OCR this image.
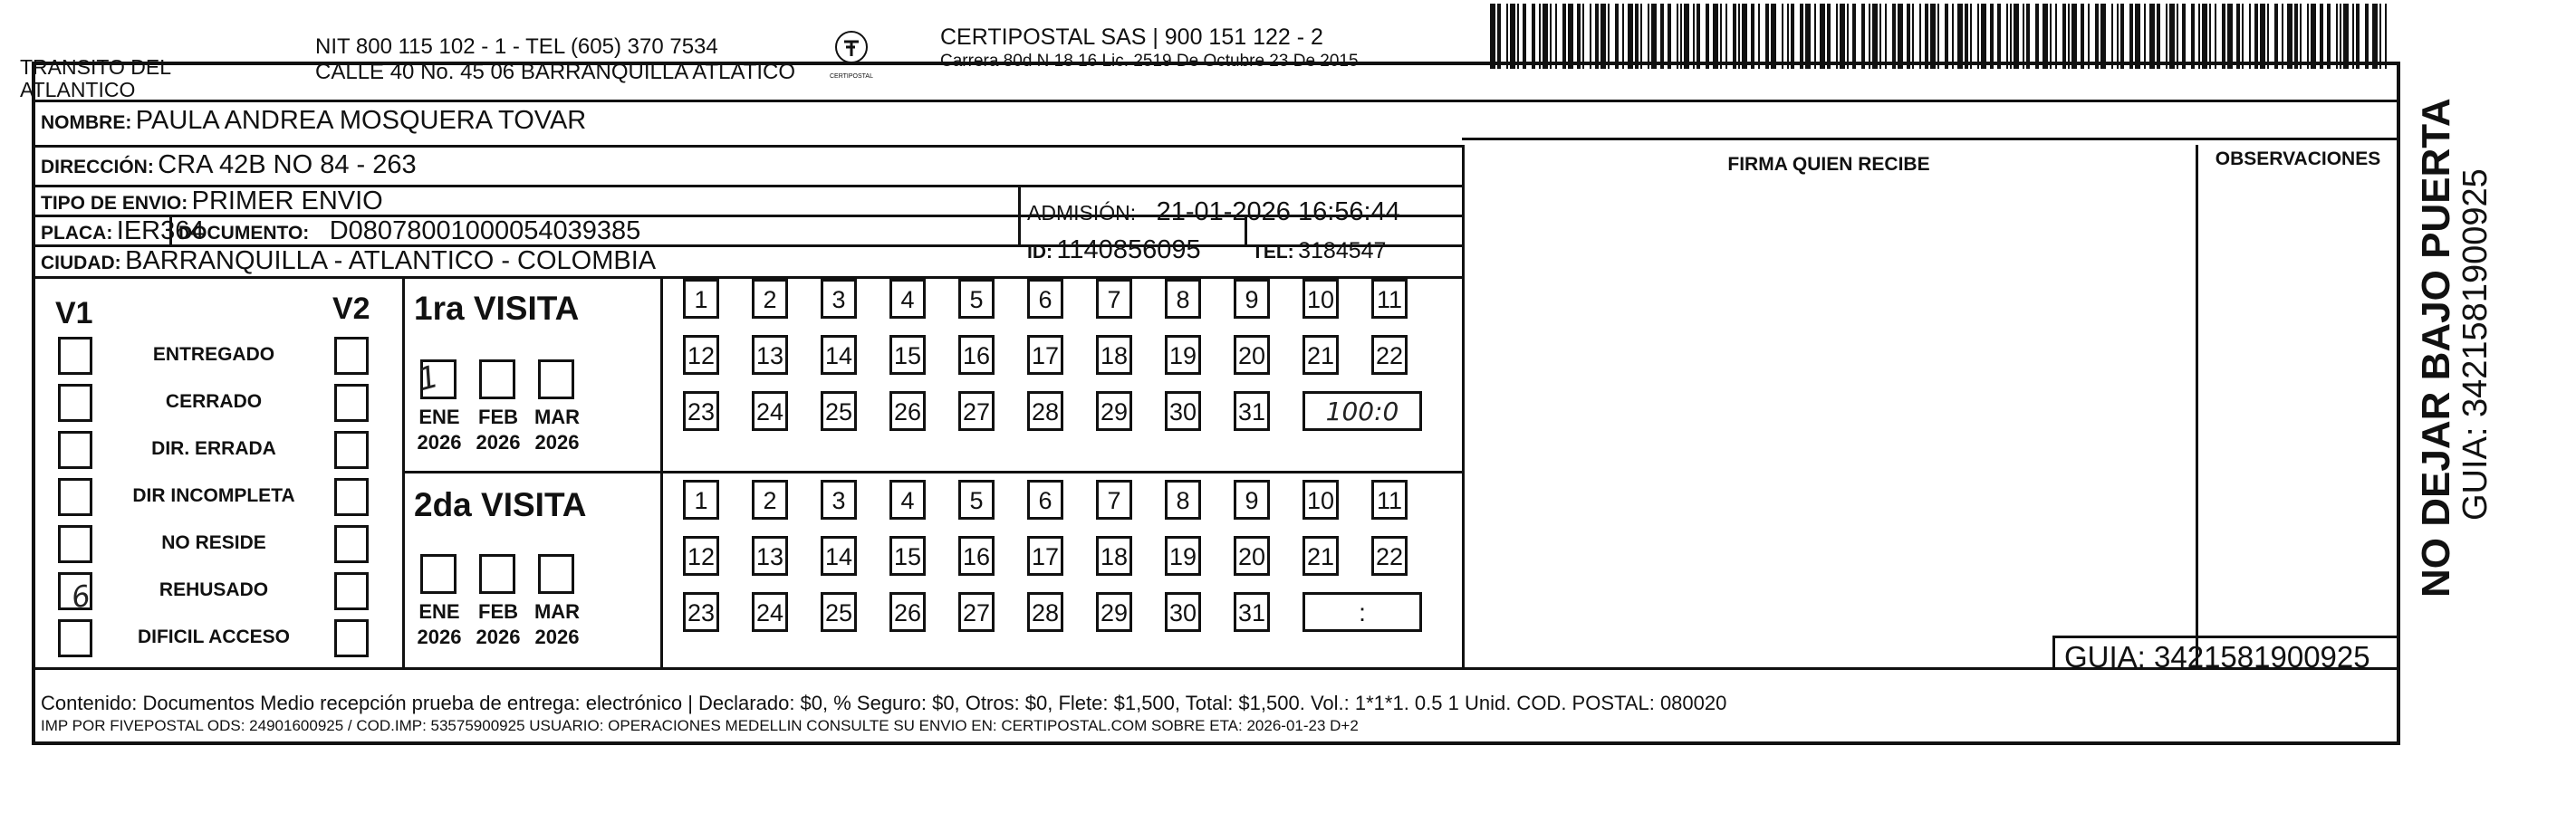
TRANSITO DEL
ATLANTICO
NIT 800 115 102 - 1 - TEL (605) 370 7534
CALLE 40 No. 45 06 BARRANQUILLA ATLATICO	CERTIPOSTAL
CERTIPOSTAL SAS | 900 151 122 - 2
Carrera 80d N 18 16 Lic. 2519 De Octubre 23 De 2015
NOMBRE: PAULA ANDREA MOSQUERA TOVAR
DIRECCIÓN: CRA 42B NO 84 - 263
TIPO DE ENVIO: PRIMER ENVIO
PLACA: IER364
DOCUMENTO: D08078001000054039385
ADMISIÓN: 21-01-2026 16:56:44
CIUDAD: BARRANQUILLA - ATLANTICO - COLOMBIA	ID: 1140856095	TEL: 3184547
FIRMA QUIEN RECIBE	OBSERVACIONES
V1	V2
ENTREGADO
CERRADO
DIR. ERRADA
DIR INCOMPLETA
NO RESIDE
REHUSADO
DIFICIL ACCESO
6
1ra VISITA
ENE
2026
FEB
2026
MAR
2026
1
1	2	3	4	5	6	7	8	9	10 11
12 13 14 15 16 17 18 19 20 21 22
23 24 25 26 27 28 29 30 31	100:0
2da VISITA
ENE
2026
FEB
2026
MAR
2026
1	2	3	4	5	6	7	8	9	10 11
12 13 14 15 16 17 18 19 20 21 22
23 24 25 26 27 28 29 30 31	:
Contenido: Documentos Medio recepción prueba de entrega: electrónico | Declarado: $0, % Seguro: $0, Otros: $0, Flete: $1,500, Total: $1,500. Vol.: 1*1*1. 0.5 1 Unid. COD. POSTAL: 080020
IMP POR FIVEPOSTAL ODS: 24901600925 / COD.IMP: 53575900925 USUARIO: OPERACIONES MEDELLIN CONSULTE SU ENVIO EN: CERTIPOSTAL.COM SOBRE ETA: 2026-01-23 D+2
GUIA: 3421581900925
NO DEJAR BAJO PUERTA
GUIA: 3421581900925
